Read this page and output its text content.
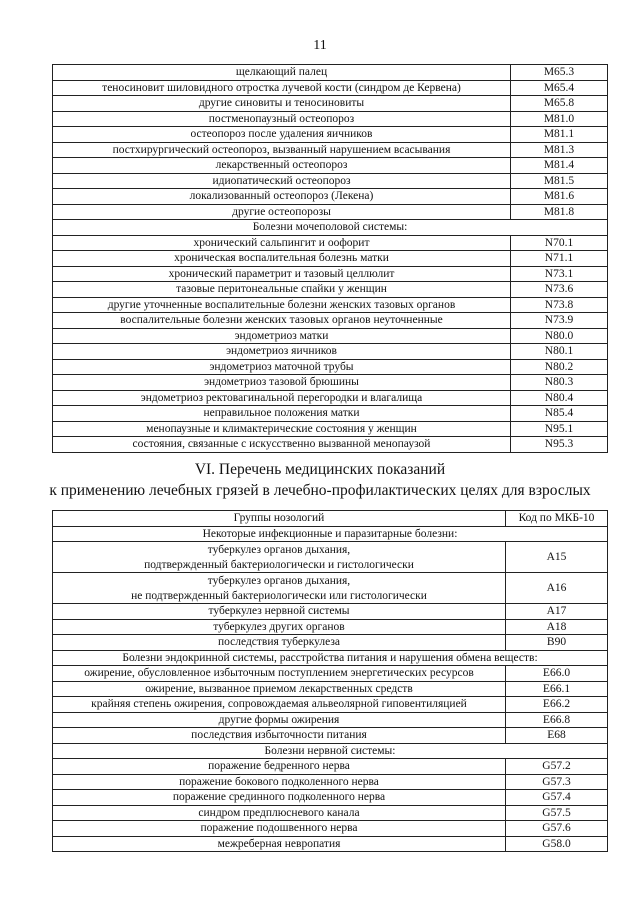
11
щелкающий палец	M65.3
теносиновит шиловидного отростка лучевой кости (синдром де Кервена)	M65.4
другие синовиты и теносиновиты	M65.8
постменопаузный остеопороз	M81.0
остеопороз после удаления яичников	M81.1
постхирургический остеопороз, вызванный нарушением всасывания	M81.3
лекарственный остеопороз	M81.4
идиопатический остеопороз	M81.5
локализованный остеопороз (Лекена)	M81.6
другие остеопорозы	M81.8
Болезни мочеполовой системы:	
хронический сальпингит и оофорит	N70.1
хроническая воспалительная болезнь матки	N71.1
хронический параметрит и тазовый целлюлит	N73.1
тазовые перитонеальные спайки у женщин	N73.6
другие уточненные воспалительные болезни женских тазовых органов	N73.8
воспалительные болезни женских тазовых органов неуточненные	N73.9
эндометриоз матки	N80.0
эндометриоз яичников	N80.1
эндометриоз маточной трубы	N80.2
эндометриоз тазовой брюшины	N80.3
эндометриоз ректовагинальной перегородки и влагалища	N80.4
неправильное положения матки	N85.4
менопаузные и климактерические состояния у женщин	N95.1
состояния, связанные с искусственно вызванной менопаузой	N95.3
VI. Перечень медицинских показаний
к применению лечебных грязей в лечебно-профилактических целях для взрослых
Группы нозологий	Код по МКБ-10
Некоторые инфекционные и паразитарные болезни:	

туберкулез органов дыхания,
подтвержденный бактериологически и гистологически	A15

туберкулез органов дыхания,
не подтвержденный бактериологически или гистологически	A16
туберкулез нервной системы	A17
туберкулез других органов	A18
последствия туберкулеза	B90
Болезни эндокринной системы, расстройства питания и нарушения обмена веществ:	
ожирение, обусловленное избыточным поступлением энергетических ресурсов	E66.0
ожирение, вызванное приемом лекарственных средств	E66.1
крайняя степень ожирения, сопровождаемая альвеолярной гиповентиляцией	E66.2
другие формы ожирения	E66.8
последствия избыточности питания	E68
Болезни нервной системы:	
поражение бедренного нерва	G57.2
поражение бокового подколенного нерва	G57.3
поражение срединного подколенного нерва	G57.4
синдром предплюсневого канала	G57.5
поражение подошвенного нерва	G57.6
межреберная невропатия	G58.0
